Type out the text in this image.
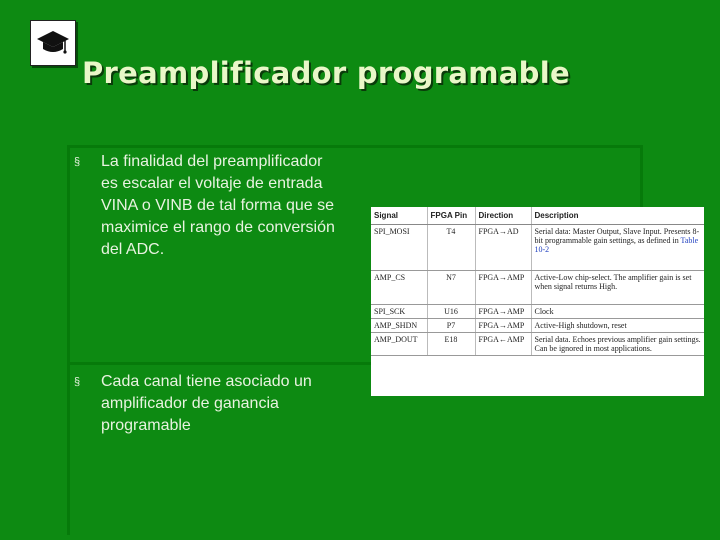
Preamplificador programable
§ La finalidad del preamplificador
es escalar el voltaje de entrada
VINA o VINB de tal forma que se
maximice el rango de conversión
del ADC.
§ Cada canal tiene asociado un
amplificador de ganancia
programable
Signal	FPGA Pin	Direction	Description
SPI_MOSI	T4	FPGA→AD	Serial data: Master Output, Slave Input. Presents 8-bit programmable gain settings, as defined in Table 10-2
AMP_CS	N7	FPGA→AMP	Active-Low chip-select. The amplifier gain is set when signal returns High.
SPI_SCK	U16	FPGA→AMP	Clock
AMP_SHDN	P7	FPGA→AMP	Active-High shutdown, reset
AMP_DOUT	E18	FPGA←AMP	Serial data. Echoes previous amplifier gain settings. Can be ignored in most applications.
